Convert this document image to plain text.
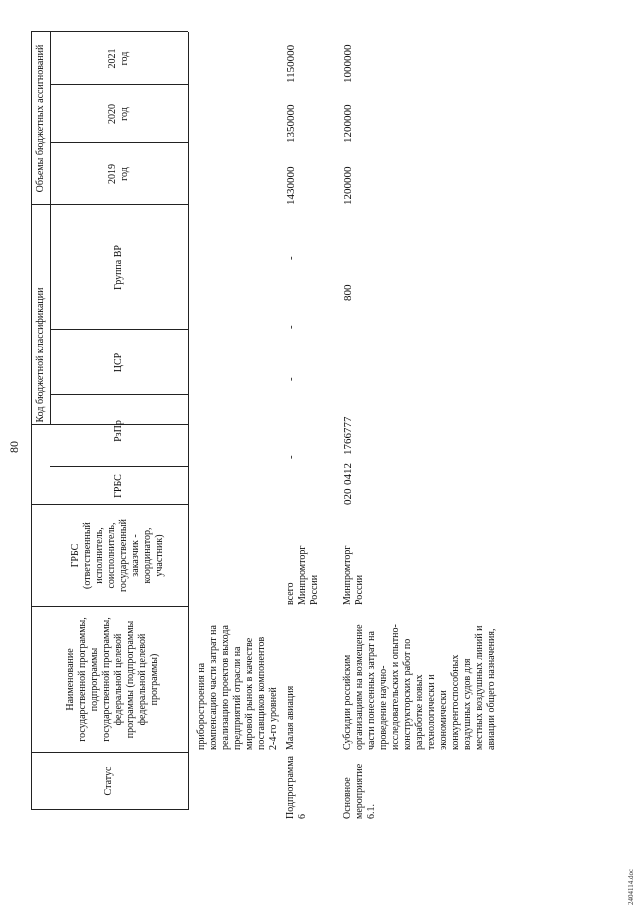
80
Статус
Наименование
государственной программы,
подпрограммы
государственной программы,
федеральной целевой
программы (подпрограммы
федеральной целевой
программы)
ГРБС
(ответственный
исполнитель,
соисполнитель,
государственный
заказчик -
координатор,
участник)
Код бюджетной классификации
Объемы бюджетных ассигнований
ГРБС
РзПр
ЦСР
Группа ВР
2019
год
2020
год
2021
год
приборостроения на
компенсацию части затрат на
реализацию проектов выхода
предприятий отрасли на
мировой рынок в качестве
поставщиков компонентов
2-4-го уровней
Подпрограмма 6
Малая авиация
всего
Минпромторг
России
-
-
-
-
1430000
1350000
1150000
Основное
мероприятие 6.1.
Субсидии российским
организациям на возмещение
части понесенных затрат на
проведение научно-
исследовательских и опытно-
конструкторских работ по
разработке новых
технологически и
экономически
конкурентоспособных
воздушных судов для
местных воздушных линий и
авиации общего назначения,
Минпромторг
России
020
0412
1766777
800
1200000
1200000
1000000
2404114.doc
